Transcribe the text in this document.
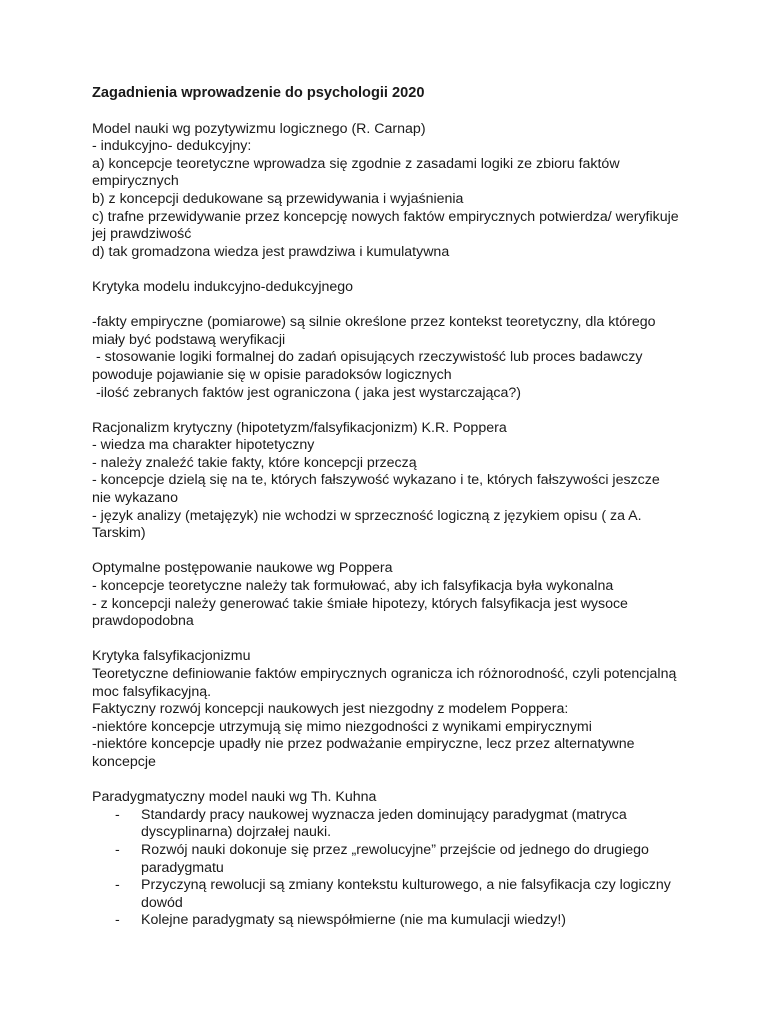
Zagadnienia wprowadzenie do psychologii 2020
Model nauki wg pozytywizmu logicznego (R. Carnap)
- indukcyjno- dedukcyjny:
a) koncepcje teoretyczne wprowadza się zgodnie z zasadami logiki ze zbioru faktów empirycznych
b) z koncepcji dedukowane są przewidywania i wyjaśnienia
c) trafne przewidywanie przez koncepcję nowych faktów empirycznych potwierdza/ weryfikuje jej prawdziwość
d) tak gromadzona wiedza jest prawdziwa i kumulatywna
Krytyka modelu indukcyjno-dedukcyjnego
-fakty empiryczne (pomiarowe) są silnie określone przez kontekst teoretyczny, dla którego miały być podstawą weryfikacji
- stosowanie logiki formalnej do zadań opisujących rzeczywistość lub proces badawczy powoduje pojawianie się w opisie paradoksów logicznych
-ilość zebranych faktów jest ograniczona ( jaka jest wystarczająca?)
Racjonalizm krytyczny (hipotetyzm/falsyfikacjonizm) K.R. Poppera
- wiedza ma charakter hipotetyczny
- należy znaleźć takie fakty, które koncepcji przeczą
- koncepcje dzielą się na te, których fałszywość wykazano i te, których fałszywości jeszcze nie wykazano
- język analizy (metajęzyk) nie wchodzi w sprzeczność logiczną z językiem opisu ( za A. Tarskim)
Optymalne postępowanie naukowe wg Poppera
- koncepcje teoretyczne należy tak formułować, aby ich falsyfikacja była wykonalna
- z koncepcji należy generować takie śmiałe hipotezy, których falsyfikacja jest wysoce prawdopodobna
Krytyka falsyfikacjonizmu
Teoretyczne definiowanie faktów empirycznych ogranicza ich różnorodność, czyli potencjalną moc falsyfikacyjną.
Faktyczny rozwój koncepcji naukowych jest niezgodny z modelem Poppera:
-niektóre koncepcje utrzymują się mimo niezgodności z wynikami empirycznymi
-niektóre koncepcje upadły nie przez podważanie empiryczne, lecz przez alternatywne koncepcje
Paradygmatyczny model nauki wg Th. Kuhna
- Standardy pracy naukowej wyznacza jeden dominujący paradygmat (matryca dyscyplinarna) dojrzałej nauki.
- Rozwój nauki dokonuje się przez „rewolucyjne” przejście od jednego do drugiego paradygmatu
- Przyczyną rewolucji są zmiany kontekstu kulturowego, a nie falsyfikacja czy logiczny dowód
- Kolejne paradygmaty są niewspółmierne (nie ma kumulacji wiedzy!)
